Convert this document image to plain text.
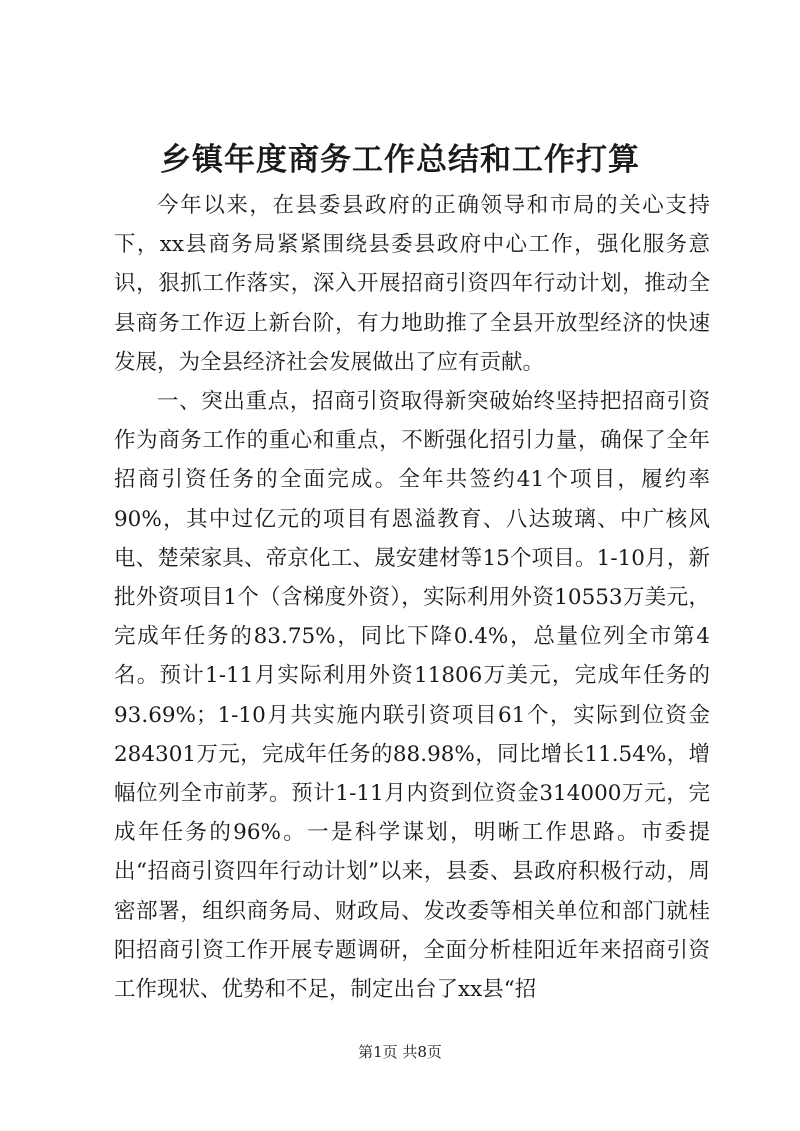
乡镇年度商务工作总结和工作打算

今年以来，在县委县政府的正确领导和市局的关心支持下，xx县商务局紧紧围绕县委县政府中心工作，强化服务意识，狠抓工作落实，深入开展招商引资四年行动计划，推动全县商务工作迈上新台阶，有力地助推了全县开放型经济的快速发展，为全县经济社会发展做出了应有贡献。

一、突出重点，招商引资取得新突破始终坚持把招商引资作为商务工作的重心和重点，不断强化招引力量，确保了全年招商引资任务的全面完成。全年共签约41个项目，履约率90%，其中过亿元的项目有恩溢教育、八达玻璃、中广核风电、楚荣家具、帝京化工、晟安建材等15个项目。1-10月，新批外资项目1个（含梯度外资），实际利用外资10553万美元，完成年任务的83.75%，同比下降0.4%，总量位列全市第4名。预计1-11月实际利用外资11806万美元，完成年任务的93.69%；1-10月共实施内联引资项目61个，实际到位资金284301万元，完成年任务的88.98%，同比增长11.54%，增幅位列全市前茅。预计1-11月内资到位资金314000万元，完成年任务的96%。一是科学谋划，明晰工作思路。市委提出“招商引资四年行动计划”以来，县委、县政府积极行动，周密部署，组织商务局、财政局、发改委等相关单位和部门就桂阳招商引资工作开展专题调研，全面分析桂阳近年来招商引资工作现状、优势和不足，制定出台了xx县“招

第1页 共8页
